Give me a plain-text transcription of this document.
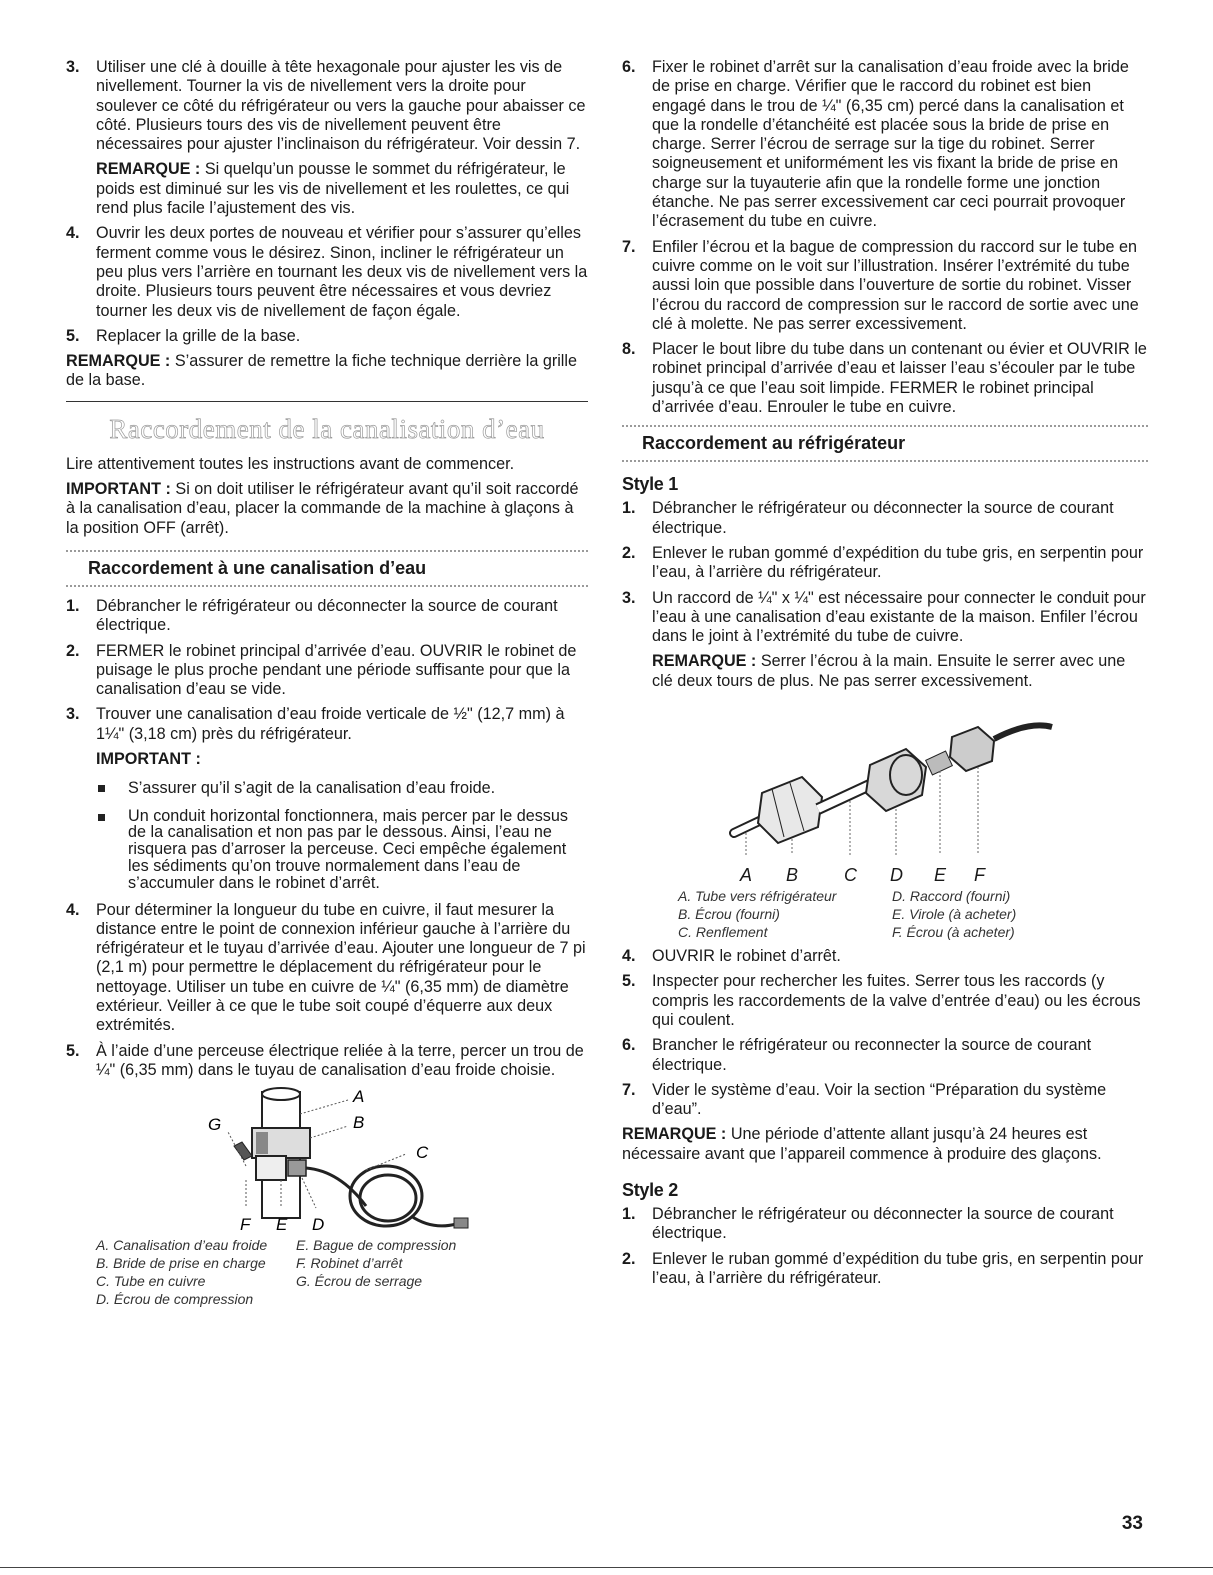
3. Utiliser une clé à douille à tête hexagonale pour ajuster les vis de nivellement. Tourner la vis de nivellement vers la droite pour soulever ce côté du réfrigérateur ou vers la gauche pour abaisser ce côté. Plusieurs tours des vis de nivellement peuvent être nécessaires pour ajuster l’inclinaison du réfrigérateur. Voir dessin 7.
REMARQUE : Si quelqu’un pousse le sommet du réfrigérateur, le poids est diminué sur les vis de nivellement et les roulettes, ce qui rend plus facile l’ajustement des vis.
4. Ouvrir les deux portes de nouveau et vérifier pour s’assurer qu’elles ferment comme vous le désirez. Sinon, incliner le réfrigérateur un peu plus vers l’arrière en tournant les deux vis de nivellement vers la droite. Plusieurs tours peuvent être nécessaires et vous devriez tourner les deux vis de nivellement de façon égale.
5. Replacer la grille de la base.
REMARQUE : S’assurer de remettre la fiche technique derrière la grille de la base.
Raccordement de la canalisation d’eau
Lire attentivement toutes les instructions avant de commencer.
IMPORTANT : Si on doit utiliser le réfrigérateur avant qu’il soit raccordé à la canalisation d’eau, placer la commande de la machine à glaçons à la position OFF (arrêt).
Raccordement à une canalisation d’eau
1. Débrancher le réfrigérateur ou déconnecter la source de courant électrique.
2. FERMER le robinet principal d’arrivée d’eau. OUVRIR le robinet de puisage le plus proche pendant une période suffisante pour que la canalisation d’eau se vide.
3. Trouver une canalisation d’eau froide verticale de ½" (12,7 mm) à 1¼" (3,18 cm) près du réfrigérateur.
IMPORTANT :
S’assurer qu’il s’agit de la canalisation d’eau froide.
Un conduit horizontal fonctionnera, mais percer par le dessus de la canalisation et non pas par le dessous. Ainsi, l’eau ne risquera pas d’arroser la perceuse. Ceci empêche également les sédiments qu’on trouve normalement dans l’eau de s’accumuler dans le robinet d’arrêt.
4. Pour déterminer la longueur du tube en cuivre, il faut mesurer la distance entre le point de connexion inférieur gauche à l’arrière du réfrigérateur et le tuyau d’arrivée d’eau. Ajouter une longueur de 7 pi (2,1 m) pour permettre le déplacement du réfrigérateur pour le nettoyage. Utiliser un tube en cuivre de ¼" (6,35 mm) de diamètre extérieur. Veiller à ce que le tube soit coupé d’équerre aux deux extrémités.
5. À l’aide d’une perceuse électrique reliée à la terre, percer un trou de ¼" (6,35 mm) dans le tuyau de canalisation d’eau froide choisie.
A
B
C
G
F E D
A. Canalisation d’eau froide	E. Bague de compression
B. Bride de prise en charge	F. Robinet d’arrêt
C. Tube en cuivre	G. Écrou de serrage
D. Écrou de compression
6. Fixer le robinet d’arrêt sur la canalisation d’eau froide avec la bride de prise en charge. Vérifier que le raccord du robinet est bien engagé dans le trou de ¼" (6,35 cm) percé dans la canalisation et que la rondelle d’étanchéité est placée sous la bride de prise en charge. Serrer l’écrou de serrage sur la tige du robinet. Serrer soigneusement et uniformément les vis fixant la bride de prise en charge sur la tuyauterie afin que la rondelle forme une jonction étanche. Ne pas serrer excessivement car ceci pourrait provoquer l’écrasement du tube en cuivre.
7. Enfiler l’écrou et la bague de compression du raccord sur le tube en cuivre comme on le voit sur l’illustration. Insérer l’extrémité du tube aussi loin que possible dans l’ouverture de sortie du robinet. Visser l’écrou du raccord de compression sur le raccord de sortie avec une clé à molette. Ne pas serrer excessivement.
8. Placer le bout libre du tube dans un contenant ou évier et OUVRIR le robinet principal d’arrivée d’eau et laisser l’eau s’écouler par le tube jusqu’à ce que l’eau soit limpide. FERMER le robinet principal d’arrivée d’eau. Enrouler le tube en cuivre.
Raccordement au réfrigérateur
Style 1
1. Débrancher le réfrigérateur ou déconnecter la source de courant électrique.
2. Enlever le ruban gommé d’expédition du tube gris, en serpentin pour l’eau, à l’arrière du réfrigérateur.
3. Un raccord de ¼" x ¼" est nécessaire pour connecter le conduit pour l’eau à une canalisation d’eau existante de la maison. Enfiler l’écrou dans le joint à l’extrémité du tube de cuivre.
REMARQUE : Serrer l’écrou à la main. Ensuite le serrer avec une clé deux tours de plus. Ne pas serrer excessivement.
A B	C D E F
A. Tube vers réfrigérateur	D. Raccord (fourni)
B. Écrou (fourni)	E. Virole (à acheter)
C. Renflement	F. Écrou (à acheter)
4. OUVRIR le robinet d’arrêt.
5. Inspecter pour rechercher les fuites. Serrer tous les raccords (y compris les raccordements de la valve d’entrée d’eau) ou les écrous qui coulent.
6. Brancher le réfrigérateur ou reconnecter la source de courant électrique.
7. Vider le système d’eau. Voir la section “Préparation du système d’eau”.
REMARQUE : Une période d’attente allant jusqu’à 24 heures est nécessaire avant que l’appareil commence à produire des glaçons.
Style 2
1. Débrancher le réfrigérateur ou déconnecter la source de courant électrique.
2. Enlever le ruban gommé d’expédition du tube gris, en serpentin pour l’eau, à l’arrière du réfrigérateur.
33
